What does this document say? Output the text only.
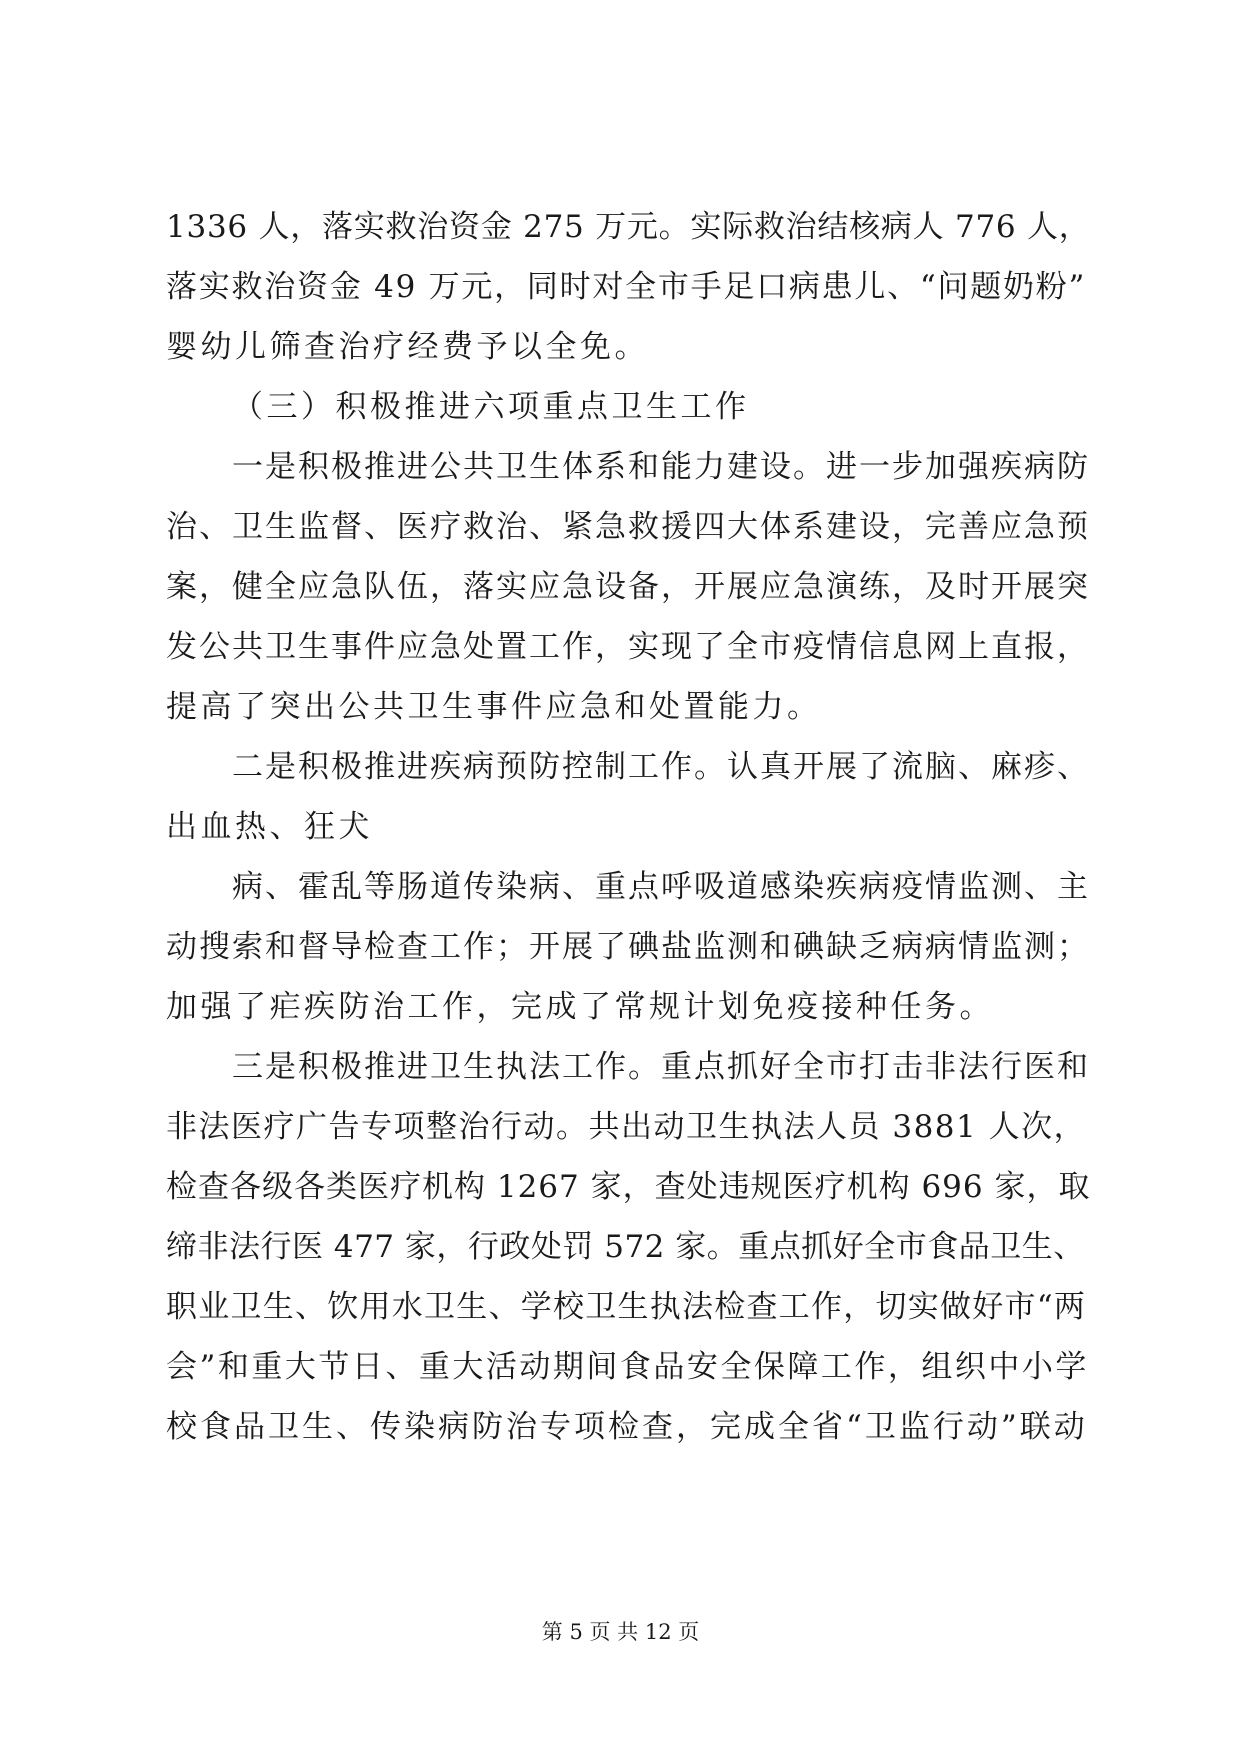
1336 人，落实救治资金 275 万元。实际救治结核病人 776 人，
落实救治资金 49 万元，同时对全市手足口病患儿、“问题奶粉”
婴幼儿筛查治疗经费予以全免。
（三）积极推进六项重点卫生工作
一是积极推进公共卫生体系和能力建设。进一步加强疾病防
治、卫生监督、医疗救治、紧急救援四大体系建设，完善应急预
案，健全应急队伍，落实应急设备，开展应急演练，及时开展突
发公共卫生事件应急处置工作，实现了全市疫情信息网上直报，
提高了突出公共卫生事件应急和处置能力。
二是积极推进疾病预防控制工作。认真开展了流脑、麻疹、
出血热、狂犬
病、霍乱等肠道传染病、重点呼吸道感染疾病疫情监测、主
动搜索和督导检查工作；开展了碘盐监测和碘缺乏病病情监测；
加强了疟疾防治工作，完成了常规计划免疫接种任务。
三是积极推进卫生执法工作。重点抓好全市打击非法行医和
非法医疗广告专项整治行动。共出动卫生执法人员 3881 人次，
检查各级各类医疗机构 1267 家，查处违规医疗机构 696 家，取
缔非法行医 477 家，行政处罚 572 家。重点抓好全市食品卫生、
职业卫生、饮用水卫生、学校卫生执法检查工作，切实做好市“两
会”和重大节日、重大活动期间食品安全保障工作，组织中小学
校食品卫生、传染病防治专项检查，完成全省“卫监行动”联动
第 5 页 共 12 页
